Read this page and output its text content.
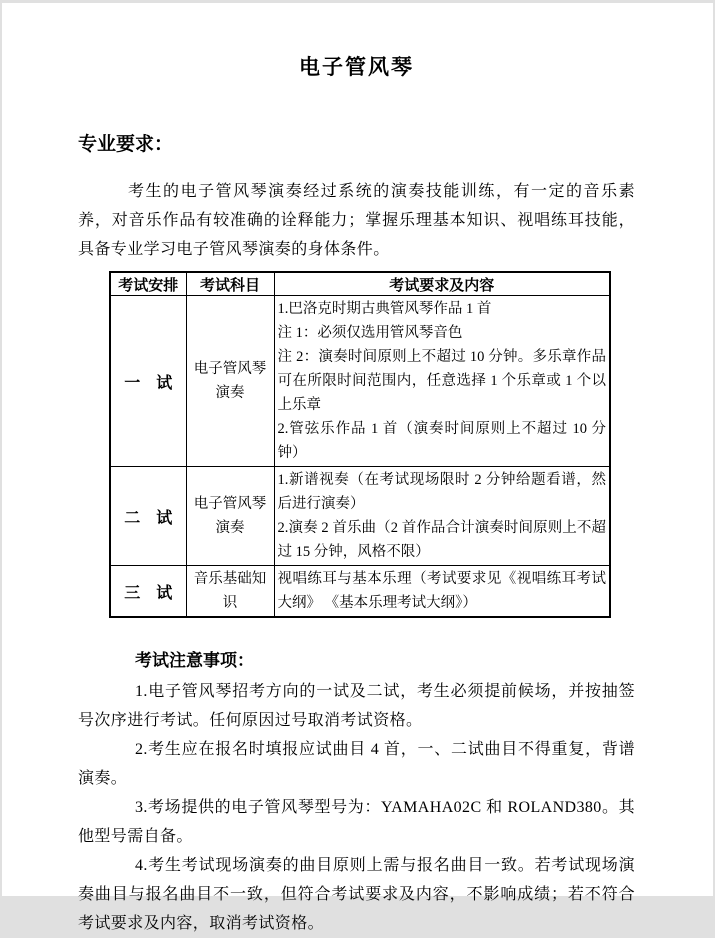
电子管风琴
专业要求：
考生的电子管风琴演奏经过系统的演奏技能训练，有一定的音乐素养，对音乐作品有较准确的诠释能力；掌握乐理基本知识、视唱练耳技能，具备专业学习电子管风琴演奏的身体条件。
考试安排	考试科目	考试要求及内容
一　试	电子管风琴演奏	1.巴洛克时期古典管风琴作品 1 首
注 1：必须仅选用管风琴音色
注 2：演奏时间原则上不超过 10 分钟。多乐章作品可在所限时间范围内，任意选择 1 个乐章或 1 个以上乐章
2.管弦乐作品 1 首（演奏时间原则上不超过 10 分钟）

二　试	电子管风琴演奏	1.新谱视奏（在考试现场限时 2 分钟给题看谱，然后进行演奏）
2.演奏 2 首乐曲（2 首作品合计演奏时间原则上不超过 15 分钟，风格不限）

三　试	音乐基础知识	视唱练耳与基本乐理（考试要求见《视唱练耳考试大纲》 《基本乐理考试大纲》）
考试注意事项：
1.电子管风琴招考方向的一试及二试，考生必须提前候场，并按抽签号次序进行考试。任何原因过号取消考试资格。
2.考生应在报名时填报应试曲目 4 首，一、二试曲目不得重复，背谱演奏。
3.考场提供的电子管风琴型号为：YAMAHA02C 和 ROLAND380。其他型号需自备。
4.考生考试现场演奏的曲目原则上需与报名曲目一致。若考试现场演奏曲目与报名曲目不一致，但符合考试要求及内容，不影响成绩；若不符合考试要求及内容，取消考试资格。
